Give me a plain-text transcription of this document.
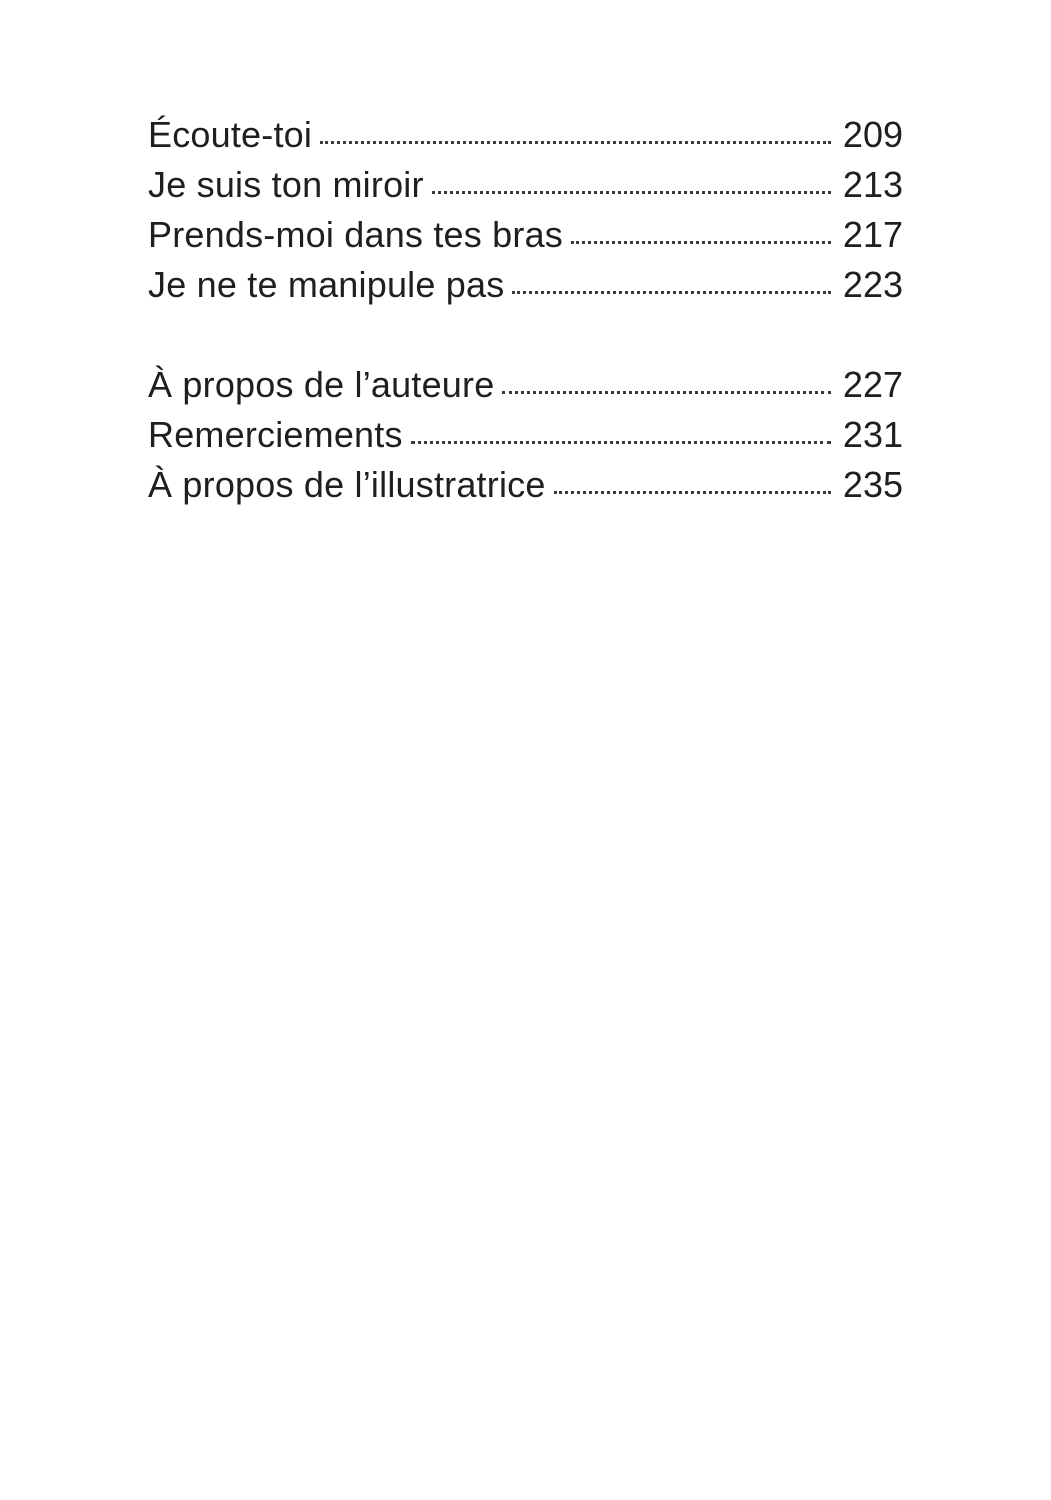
Écoute-toi	209
Je suis ton miroir	213
Prends-moi dans tes bras	217
Je ne te manipule pas	223
À propos de l’auteure	227
Remerciements	231
À propos de l’illustratrice	235
